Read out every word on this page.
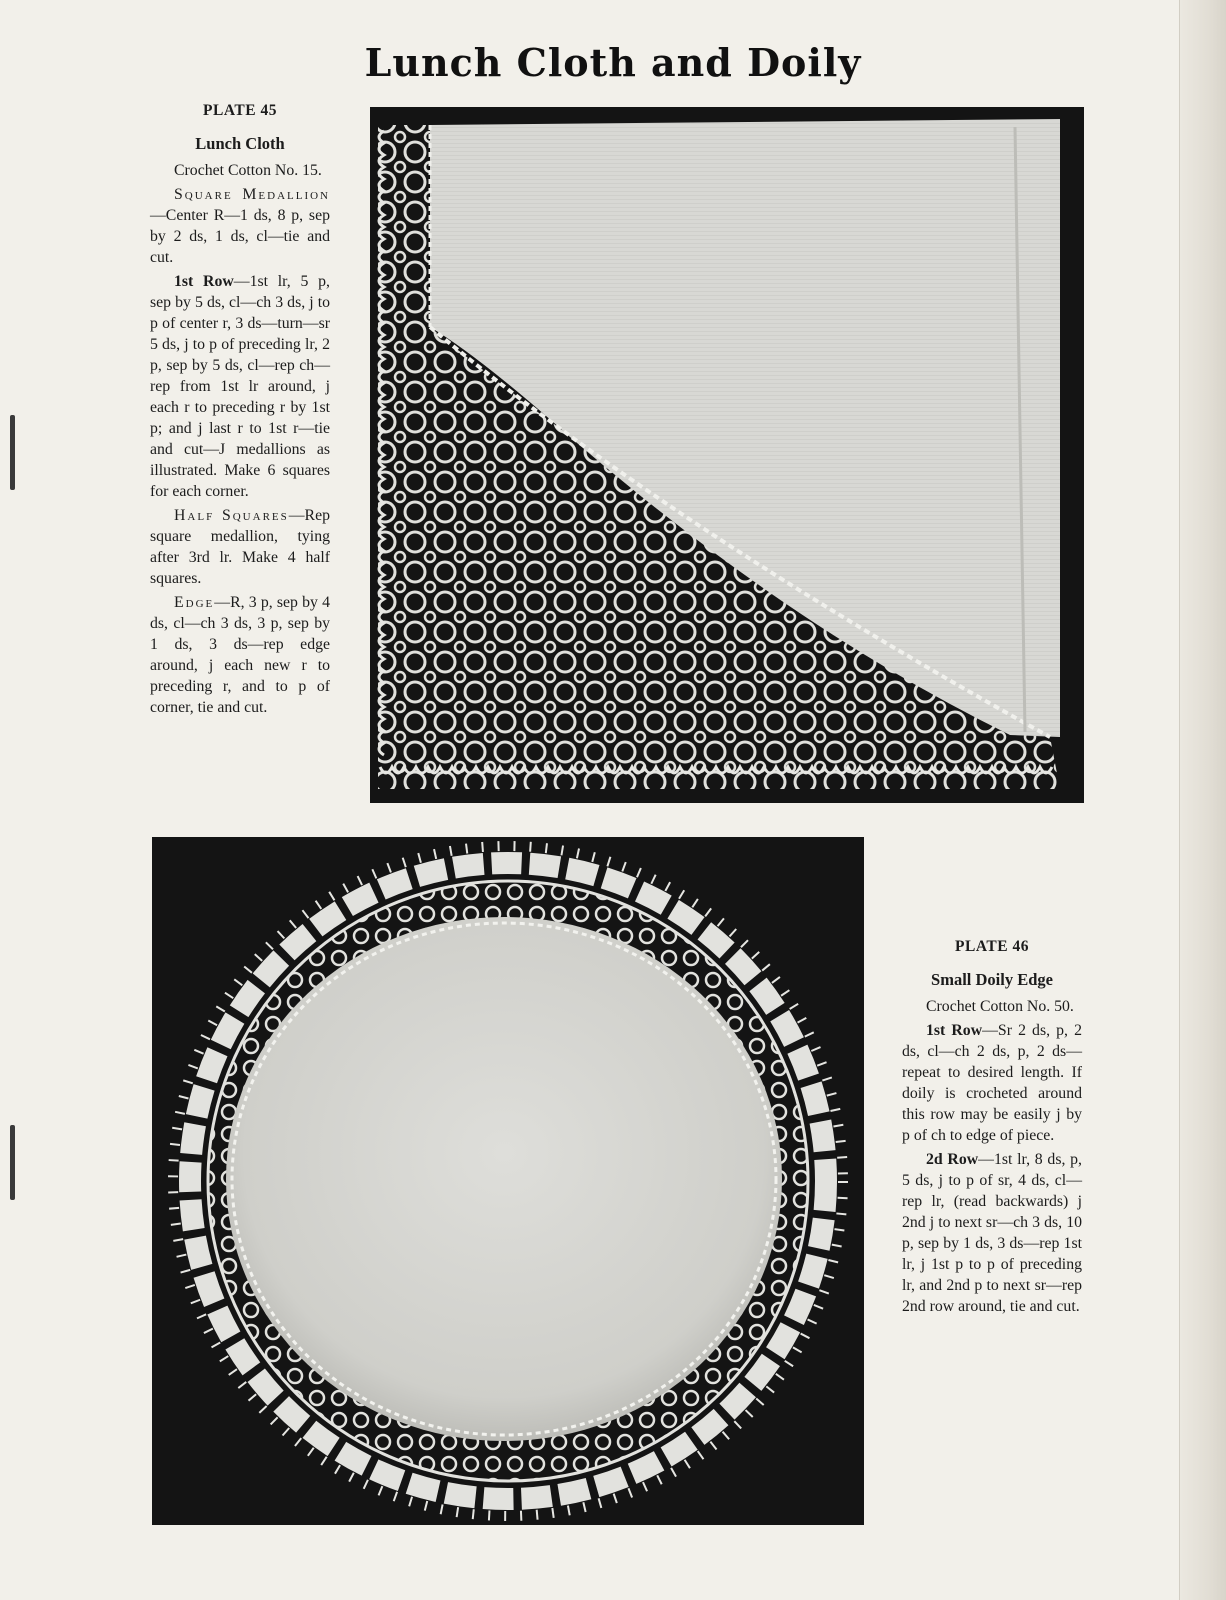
Lunch Cloth and Doily

PLATE 45

Lunch Cloth

Crochet Cotton No. 15.

Square Medallion—Center R—1 ds, 8 p, sep by 2 ds, 1 ds, cl—tie and cut.

1st Row—1st lr, 5 p, sep by 5 ds, cl—ch 3 ds, j to p of center r, 3 ds—turn—sr 5 ds, j to p of preceding lr, 2 p, sep by 5 ds, cl—rep ch—rep from 1st lr around, j each r to preceding r by 1st p; and j last r to 1st r—tie and cut—J medallions as illustrated. Make 6 squares for each corner.

Half Squares—Rep square medallion, tying after 3rd lr. Make 4 half squares.

Edge—R, 3 p, sep by 4 ds, cl—ch 3 ds, 3 p, sep by 1 ds, 3 ds—rep edge around, j each new r to preceding r, and to p of corner, tie and cut.

PLATE 46

Small Doily Edge

Crochet Cotton No. 50.

1st Row—Sr 2 ds, p, 2 ds, cl—ch 2 ds, p, 2 ds—repeat to desired length. If doily is crocheted around this row may be easily j by p of ch to edge of piece.

2d Row—1st lr, 8 ds, p, 5 ds, j to p of sr, 4 ds, cl—rep lr, (read backwards) j 2nd j to next sr—ch 3 ds, 10 p, sep by 1 ds, 3 ds—rep 1st lr, j 1st p to p of preceding lr, and 2nd p to next sr—rep 2nd row around, tie and cut.
